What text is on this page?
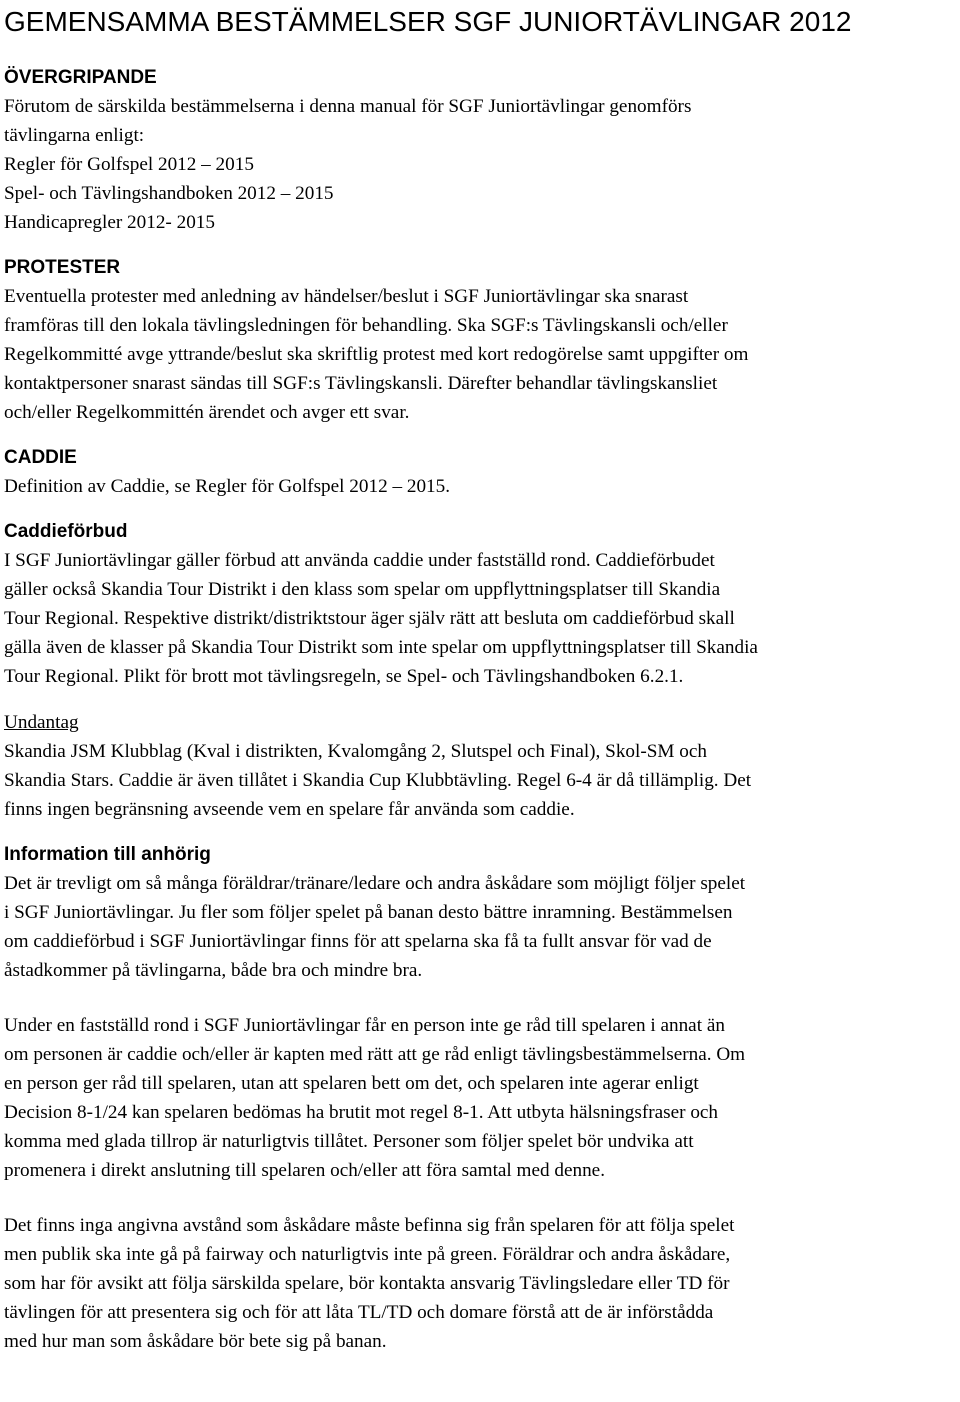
GEMENSAMMA BESTÄMMELSER SGF JUNIORTÄVLINGAR 2012
ÖVERGRIPANDE

Förutom de särskilda bestämmelserna i denna manual för SGF Juniortävlingar genomförs
tävlingarna enligt:
Regler för Golfspel 2012 – 2015
Spel- och Tävlingshandboken 2012 – 2015
Handicapregler 2012- 2015

PROTESTER

Eventuella protester med anledning av händelser/beslut i SGF Juniortävlingar ska snarast
framföras till den lokala tävlingsledningen för behandling. Ska SGF:s Tävlingskansli och/eller
Regelkommitté avge yttrande/beslut ska skriftlig protest med kort redogörelse samt uppgifter om
kontaktpersoner snarast sändas till SGF:s Tävlingskansli. Därefter behandlar tävlingskansliet
och/eller Regelkommittén ärendet och avger ett svar.

CADDIE

Definition av Caddie, se Regler för Golfspel 2012 – 2015.

Caddieförbud

I SGF Juniortävlingar gäller förbud att använda caddie under fastställd rond. Caddieförbudet
gäller också Skandia Tour Distrikt i den klass som spelar om uppflyttningsplatser till Skandia
Tour Regional. Respektive distrikt/distriktstour äger själv rätt att besluta om caddieförbud skall
gälla även de klasser på Skandia Tour Distrikt som inte spelar om uppflyttningsplatser till Skandia
Tour Regional. Plikt för brott mot tävlingsregeln, se Spel- och Tävlingshandboken 6.2.1.

Undantag

Skandia JSM Klubblag (Kval i distrikten, Kvalomgång 2, Slutspel och Final), Skol-SM och
Skandia Stars. Caddie är även tillåtet i Skandia Cup Klubbtävling. Regel 6-4 är då tillämplig. Det
finns ingen begränsning avseende vem en spelare får använda som caddie.

Information till anhörig

Det är trevligt om så många föräldrar/tränare/ledare och andra åskådare som möjligt följer spelet
i SGF Juniortävlingar. Ju fler som följer spelet på banan desto bättre inramning. Bestämmelsen
om caddieförbud i SGF Juniortävlingar finns för att spelarna ska få ta fullt ansvar för vad de
åstadkommer på tävlingarna, både bra och mindre bra.

Under en fastställd rond i SGF Juniortävlingar får en person inte ge råd till spelaren i annat än
om personen är caddie och/eller är kapten med rätt att ge råd enligt tävlingsbestämmelserna. Om
en person ger råd till spelaren, utan att spelaren bett om det, och spelaren inte agerar enligt
Decision 8-1/24 kan spelaren bedömas ha brutit mot regel 8-1. Att utbyta hälsningsfraser och
komma med glada tillrop är naturligtvis tillåtet. Personer som följer spelet bör undvika att
promenera i direkt anslutning till spelaren och/eller att föra samtal med denne.

Det finns inga angivna avstånd som åskådare måste befinna sig från spelaren för att följa spelet
men publik ska inte gå på fairway och naturligtvis inte på green. Föräldrar och andra åskådare,
som har för avsikt att följa särskilda spelare, bör kontakta ansvarig Tävlingsledare eller TD för
tävlingen för att presentera sig och för att låta TL/TD och domare förstå att de är införstådda
med hur man som åskådare bör bete sig på banan.
